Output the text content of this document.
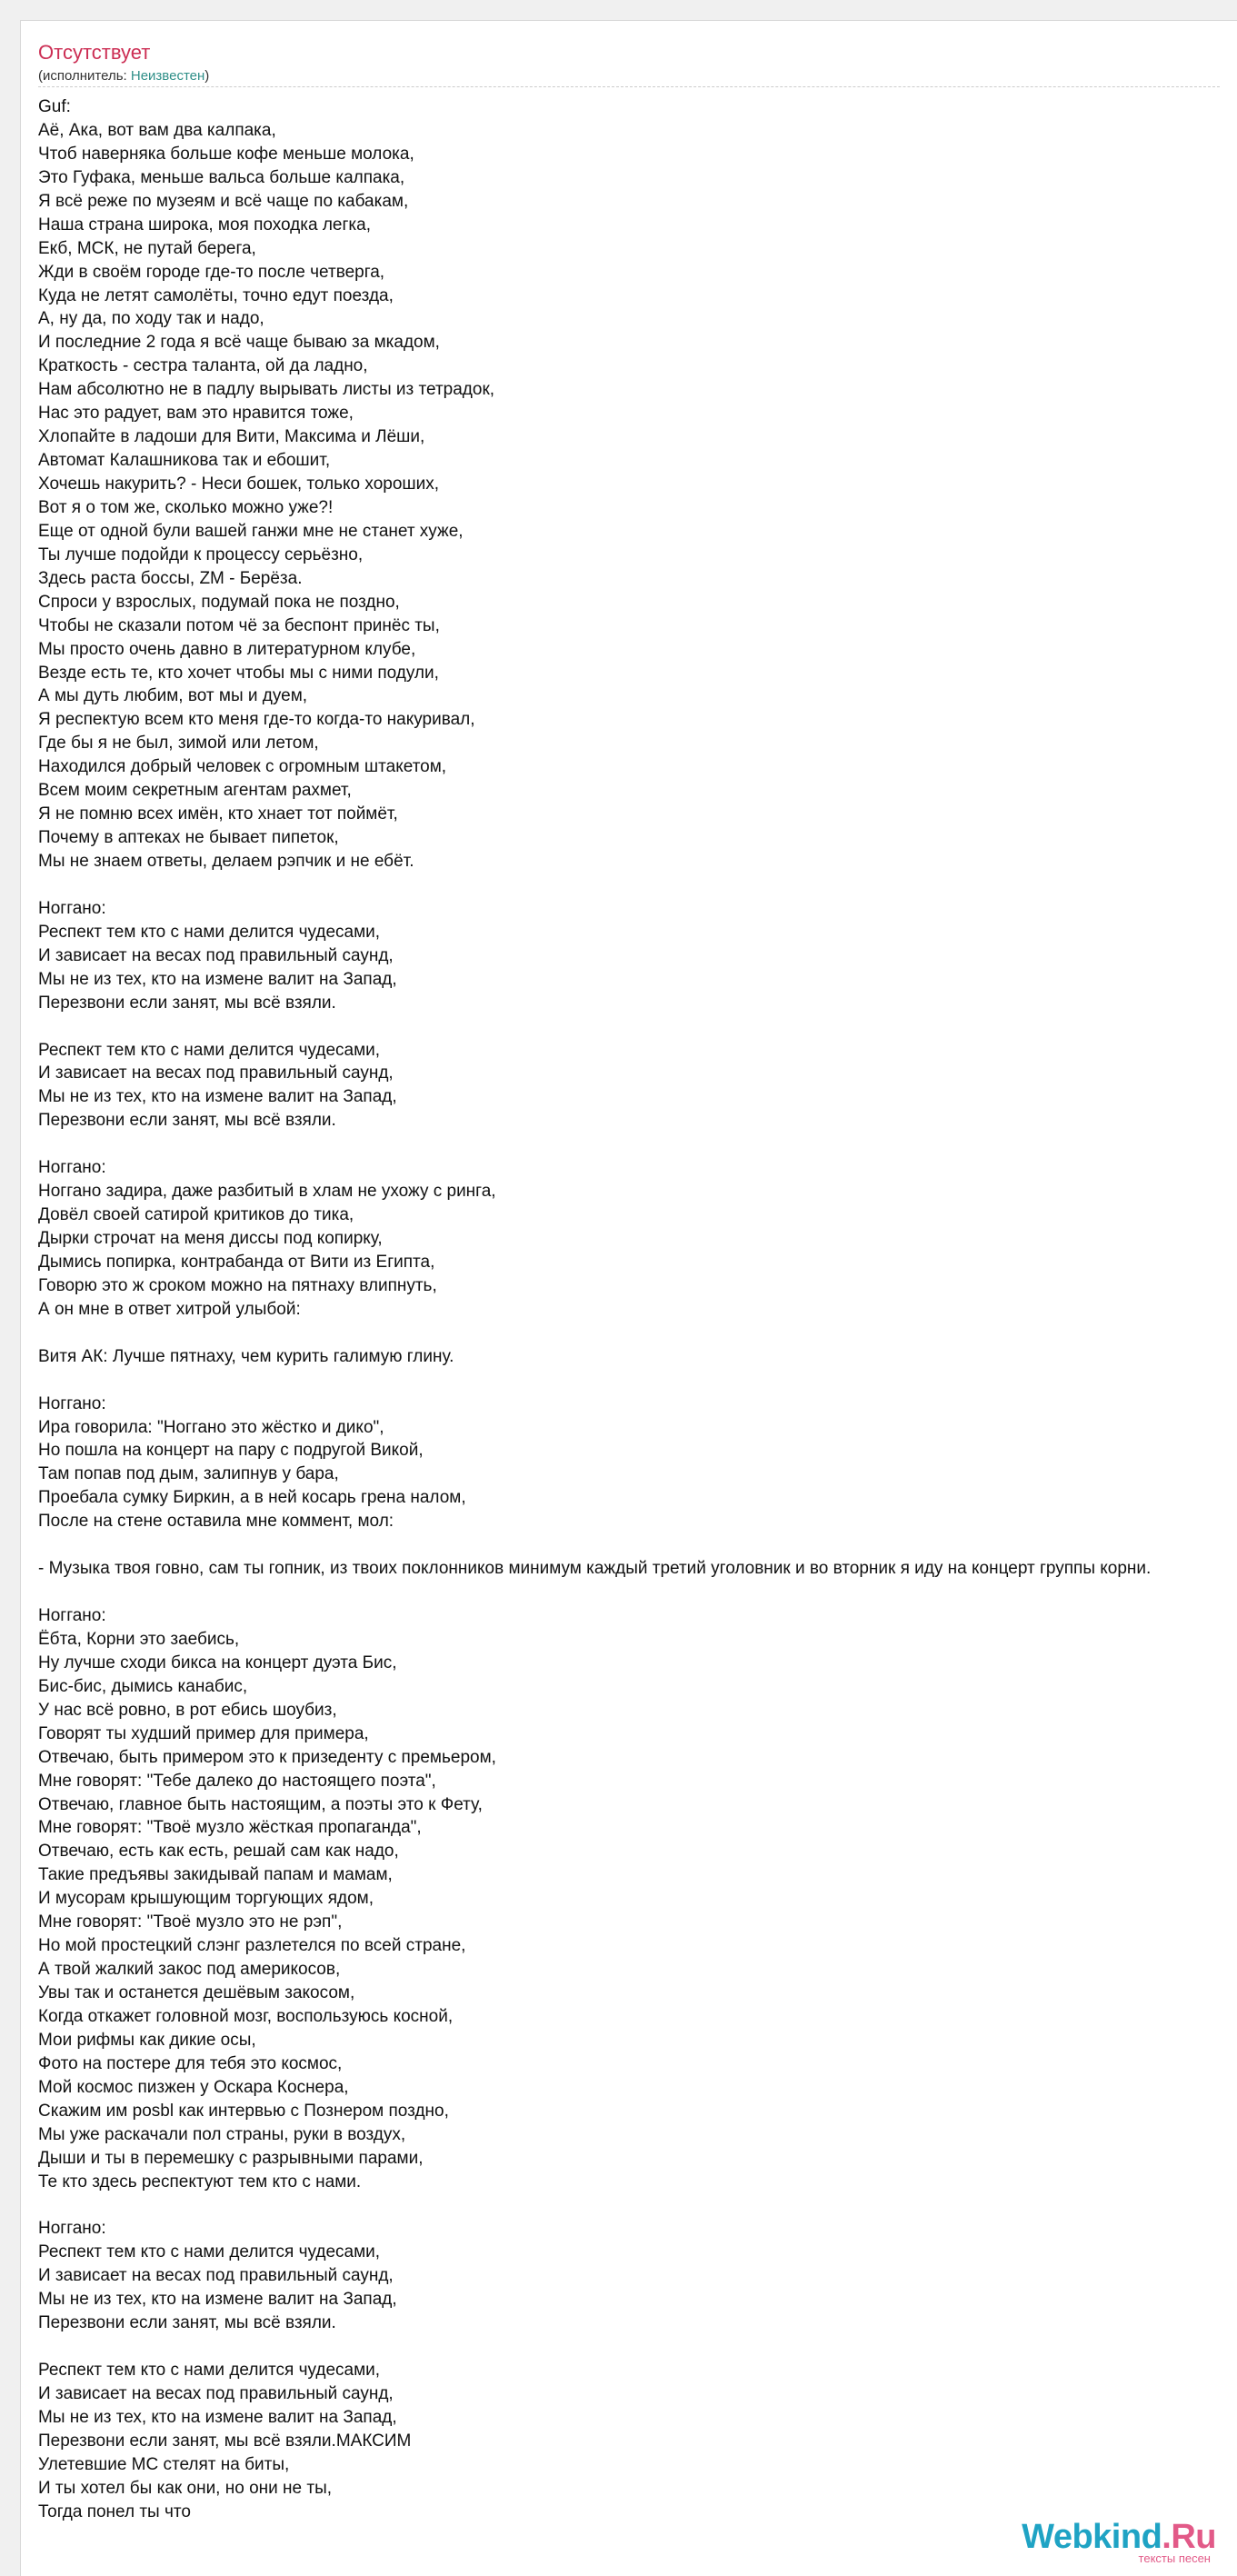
Отсутствует
(исполнитель: Неизвестен)
Guf:
Аё, Ака, вот вам два калпака,
Чтоб наверняка больше кофе меньше молока,
Это Гуфака, меньше вальса больше калпака,
Я всё реже по музеям и всё чаще по кабакам,
Наша страна широка, моя походка легка,
Екб, МСК, не путай берега,
Жди в своём городе где-то после четверга,
Куда не летят самолёты, точно едут поезда,
А, ну да, по ходу так и надо,
И последние 2 года я всё чаще бываю за мкадом,
Краткость - сестра таланта, ой да ладно,
Нам абсолютно не в падлу вырывать листы из тетрадок,
Нас это радует, вам это нравится тоже,
Хлопайте в ладоши для Вити, Максима и Лёши,
Автомат Калашникова так и ебошит,
Хочешь накурить? - Неси бошек, только хороших,
Вот я о том же, сколько можно уже?!
Еще от одной були вашей ганжи мне не станет хуже,
Ты лучше подойди к процессу серьёзно,
Здесь раста боссы, ZM - Берёза.
Спроси у взрослых, подумай пока не поздно,
Чтобы не сказали потом чё за беспонт принёс ты,
Мы просто очень давно в литературном клубе,
Везде есть те, кто хочет чтобы мы с ними подули,
А мы дуть любим, вот мы и дуем,
Я респектую всем кто меня где-то когда-то накуривал,
Где бы я не был, зимой или летом,
Находился добрый человек с огромным штакетом,
Всем моим секретным агентам рахмет,
Я не помню всех имён, кто хнает тот поймёт,
Почему в аптеках не бывает пипеток,
Мы не знаем ответы, делаем рэпчик и не ебёт.

Ноггано:
Респект тем кто с нами делится чудесами,
И зависает на весах под правильный саунд,
Мы не из тех, кто на измене валит на Запад,
Перезвони если занят, мы всё взяли.

Респект тем кто с нами делится чудесами,
И зависает на весах под правильный саунд,
Мы не из тех, кто на измене валит на Запад,
Перезвони если занят, мы всё взяли.

Ноггано:
Ноггано задира, даже разбитый в хлам не ухожу с ринга,
Довёл своей сатирой критиков до тика,
Дырки строчат на меня диссы под копирку,
Дымись попирка, контрабанда от Вити из Египта,
Говорю это ж сроком можно на пятнаху влипнуть,
А он мне в ответ хитрой улыбой:

Витя АК: Лучше пятнаху, чем курить галимую глину.

Ноггано:
Ира говорила: "Ноггано это жёстко и дико",
Но пошла на концерт на пару с подругой Викой,
Там попав под дым, залипнув у бара,
Проебала сумку Биркин, а в ней косарь грена налом,
После на стене оставила мне коммент, мол:

- Музыка твоя говно, сам ты гопник, из твоих поклонников минимум каждый третий уголовник и во вторник я иду на концерт группы корни.

Ноггано:
Ёбта, Корни это заебись,
Ну лучше сходи бикса на концерт дуэта Бис,
Бис-бис, дымись канабис,
У нас всё ровно, в рот ебись шоубиз,
Говорят ты худший пример для примера,
Отвечаю, быть примером это к призеденту с премьером,
Мне говорят: "Тебе далеко до настоящего поэта",
Отвечаю, главное быть настоящим, а поэты это к Фету,
Мне говорят: "Твоё музло жёсткая пропаганда",
Отвечаю, есть как есть, решай сам как надо,
Такие предъявы закидывай папам и мамам,
И мусорам крышующим торгующих ядом,
Мне говорят: "Твоё музло это не рэп",
Но мой простецкий слэнг разлетелся по всей стране,
А твой жалкий закос под америкосов,
Увы так и останется дешёвым закосом,
Когда откажет головной мозг, воспользуюсь косной,
Мои рифмы как дикие осы,
Фото на постере для тебя это космос,
Мой космос пизжен у Оскара Коснера,
Скажим им posbl как интервью с Познером поздно,
Мы уже раскачали пол страны, руки в воздух,
Дыши и ты в перемешку с разрывными парами,
Те кто здесь респектуют тем кто с нами.

Ноггано:
Респект тем кто с нами делится чудесами,
И зависает на весах под правильный саунд,
Мы не из тех, кто на измене валит на Запад,
Перезвони если занят, мы всё взяли.

Респект тем кто с нами делится чудесами,
И зависает на весах под правильный саунд,
Мы не из тех, кто на измене валит на Запад,
Перезвони если занят, мы всё взяли.МАКСИМ
Улетевшие MC стелят на биты,
И ты хотел бы как они, но они не ты,
Тогда понел ты что
Webkind.Ru
тексты песен
